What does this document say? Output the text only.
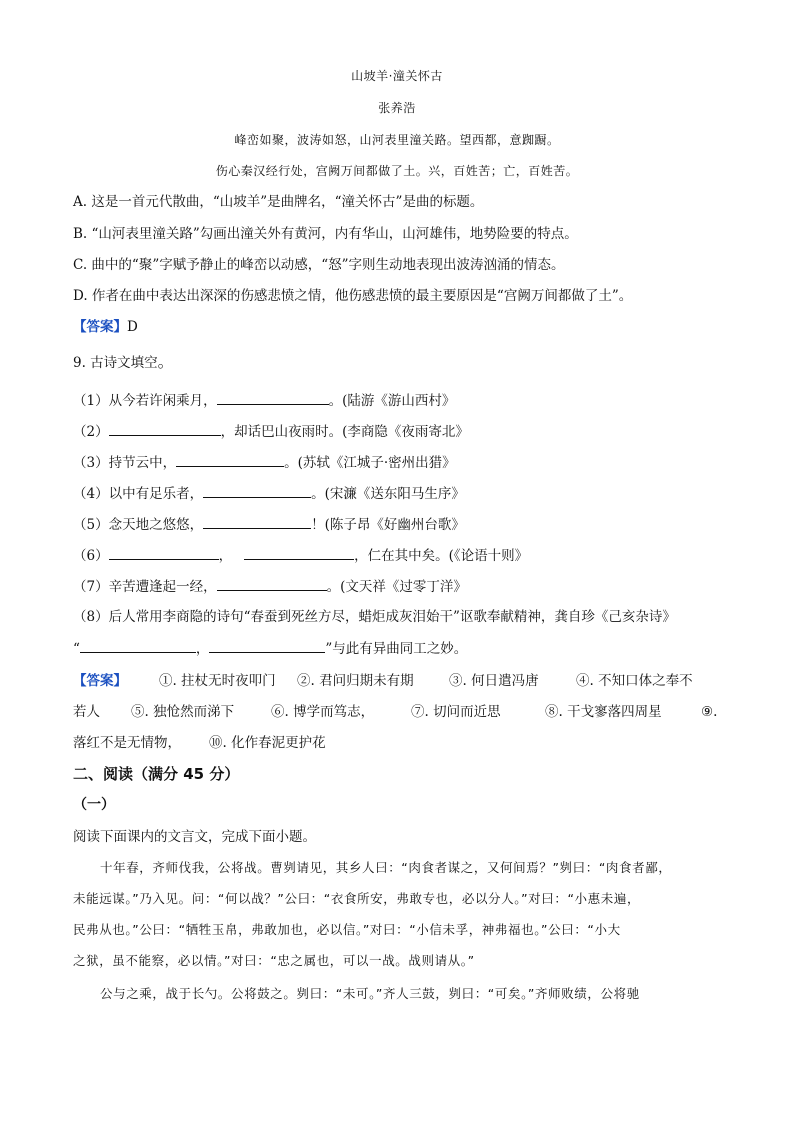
山坡羊·潼关怀古
张养浩
峰峦如聚，波涛如怒，山河表里潼关路。望西都，意踟蹰。
伤心秦汉经行处，宫阙万间都做了土。兴，百姓苦；亡，百姓苦。
A. 这是一首元代散曲，“山坡羊”是曲牌名，“潼关怀古”是曲的标题。
B. “山河表里潼关路”勾画出潼关外有黄河，内有华山，山河雄伟，地势险要的特点。
C. 曲中的“聚”字赋予静止的峰峦以动感，“怒”字则生动地表现出波涛汹涌的情态。
D. 作者在曲中表达出深深的伤感悲愤之情，他伤感悲愤的最主要原因是“宫阙万间都做了土”。
【答案】D
9. 古诗文填空。
（1）从今若许闲乘月，	。(陆游《游山西村》
（2）	，却话巴山夜雨时。(李商隐《夜雨寄北》
（3）持节云中，	。(苏轼《江城子·密州出猎》
（4）以中有足乐者，	。(宋濂《送东阳马生序》
（5）念天地之悠悠，	！(陈子昂《好幽州台歌》
（6）	，	，仁在其中矣。(《论语十则》
（7）辛苦遭逢起一经，	。(文天祥《过零丁洋》
（8）后人常用李商隐的诗句“春蚕到死丝方尽，蜡炬成灰泪始干”讴歌奉献精神，龚自珍《己亥杂诗》
“	，	”与此有异曲同工之妙。
【答案】 ①. 拄杖无时夜叩门 ②. 君问归期未有期	③. 何日遣冯唐	④. 不知口体之奉不
若人 ⑤. 独怆然而涕下	⑥. 博学而笃志，	⑦. 切问而近思	⑧. 干戈寥落四周星	⑨.
落红不是无情物， ⑩. 化作春泥更护花
二、阅读（满分 45 分）
（一）
阅读下面课内的文言文，完成下面小题。
十年春，齐师伐我，公将战。曹刿请见，其乡人曰：“肉食者谋之，又何间焉？”刿曰：“肉食者鄙，
未能远谋。”乃入见。问：“何以战？”公曰：“衣食所安，弗敢专也，必以分人。”对曰：“小惠未遍，
民弗从也。”公曰：“牺牲玉帛，弗敢加也，必以信。”对曰：“小信未孚，神弗福也。”公曰：“小大
之狱，虽不能察，必以情。”对曰：“忠之属也，可以一战。战则请从。”
公与之乘，战于长勺。公将鼓之。刿曰：“未可。”齐人三鼓，刿曰：“可矣。”齐师败绩，公将驰
